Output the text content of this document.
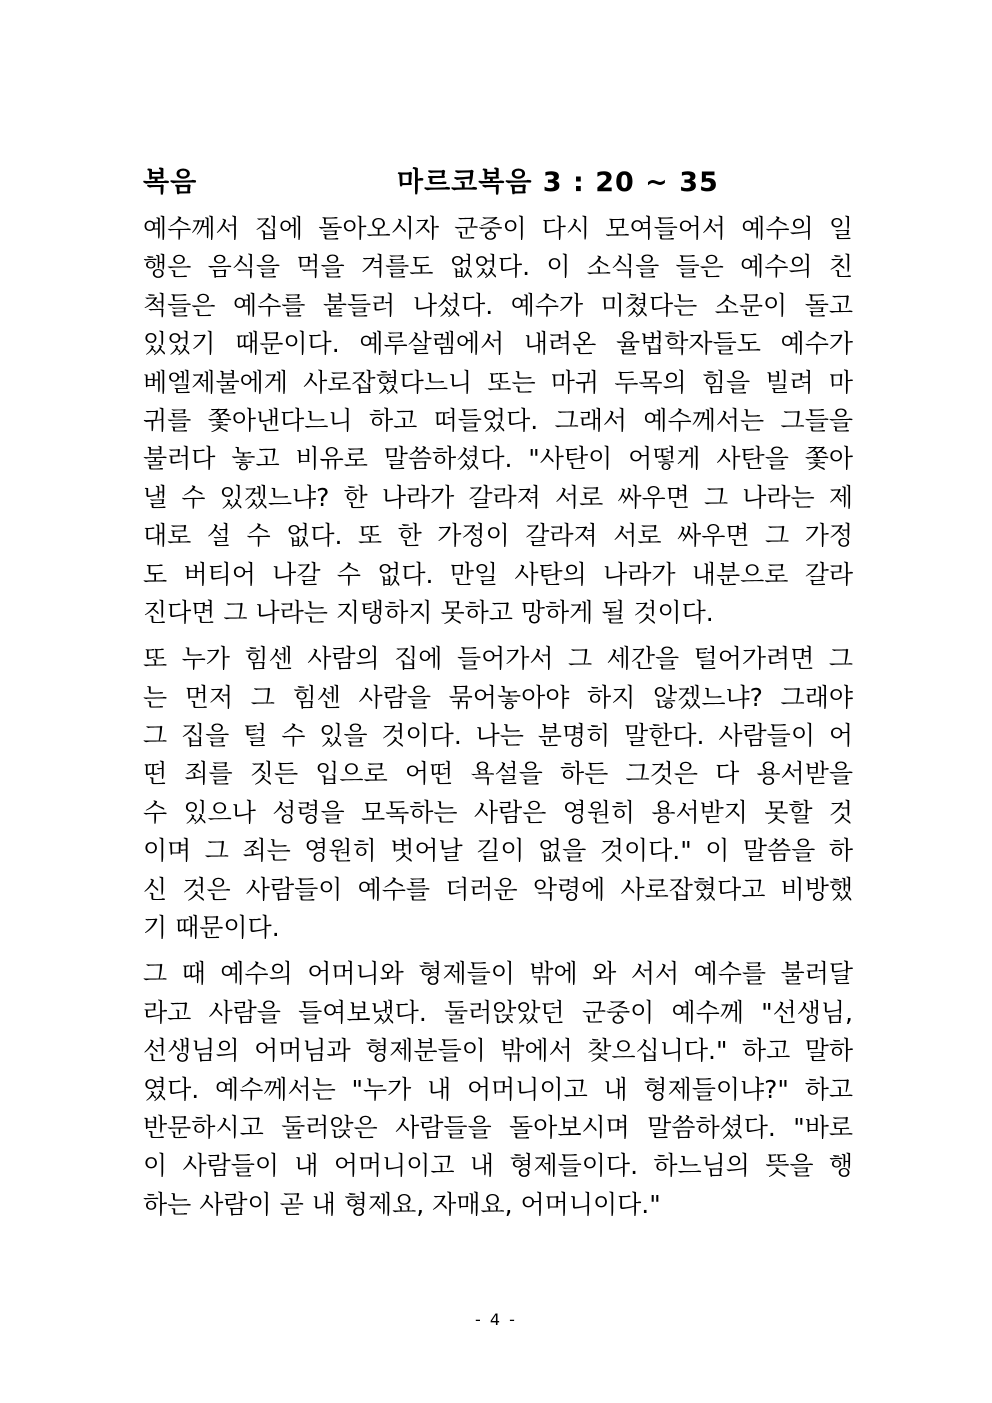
복음	마르코복음 3 : 20 ~ 35
예수께서 집에 돌아오시자 군중이 다시 모여들어서 예수의 일
행은 음식을 먹을 겨를도 없었다. 이 소식을 들은 예수의 친
척들은 예수를 붙들러 나섰다. 예수가 미쳤다는 소문이 돌고
있었기 때문이다. 예루살렘에서 내려온 율법학자들도 예수가
베엘제불에게 사로잡혔다느니 또는 마귀 두목의 힘을 빌려 마
귀를 쫓아낸다느니 하고 떠들었다. 그래서 예수께서는 그들을
불러다 놓고 비유로 말씀하셨다. "사탄이 어떻게 사탄을 쫓아
낼 수 있겠느냐? 한 나라가 갈라져 서로 싸우면 그 나라는 제
대로 설 수 없다. 또 한 가정이 갈라져 서로 싸우면 그 가정
도 버티어 나갈 수 없다. 만일 사탄의 나라가 내분으로 갈라
진다면 그 나라는 지탱하지 못하고 망하게 될 것이다.
또 누가 힘센 사람의 집에 들어가서 그 세간을 털어가려면 그
는 먼저 그 힘센 사람을 묶어놓아야 하지 않겠느냐? 그래야
그 집을 털 수 있을 것이다. 나는 분명히 말한다. 사람들이 어
떤 죄를 짓든 입으로 어떤 욕설을 하든 그것은 다 용서받을
수 있으나 성령을 모독하는 사람은 영원히 용서받지 못할 것
이며 그 죄는 영원히 벗어날 길이 없을 것이다." 이 말씀을 하
신 것은 사람들이 예수를 더러운 악령에 사로잡혔다고 비방했
기 때문이다.
그 때 예수의 어머니와 형제들이 밖에 와 서서 예수를 불러달
라고 사람을 들여보냈다. 둘러앉았던 군중이 예수께 "선생님,
선생님의 어머님과 형제분들이 밖에서 찾으십니다." 하고 말하
였다. 예수께서는 "누가 내 어머니이고 내 형제들이냐?" 하고
반문하시고 둘러앉은 사람들을 돌아보시며 말씀하셨다. "바로
이 사람들이 내 어머니이고 내 형제들이다. 하느님의 뜻을 행
하는 사람이 곧 내 형제요, 자매요, 어머니이다."
- 4 -
